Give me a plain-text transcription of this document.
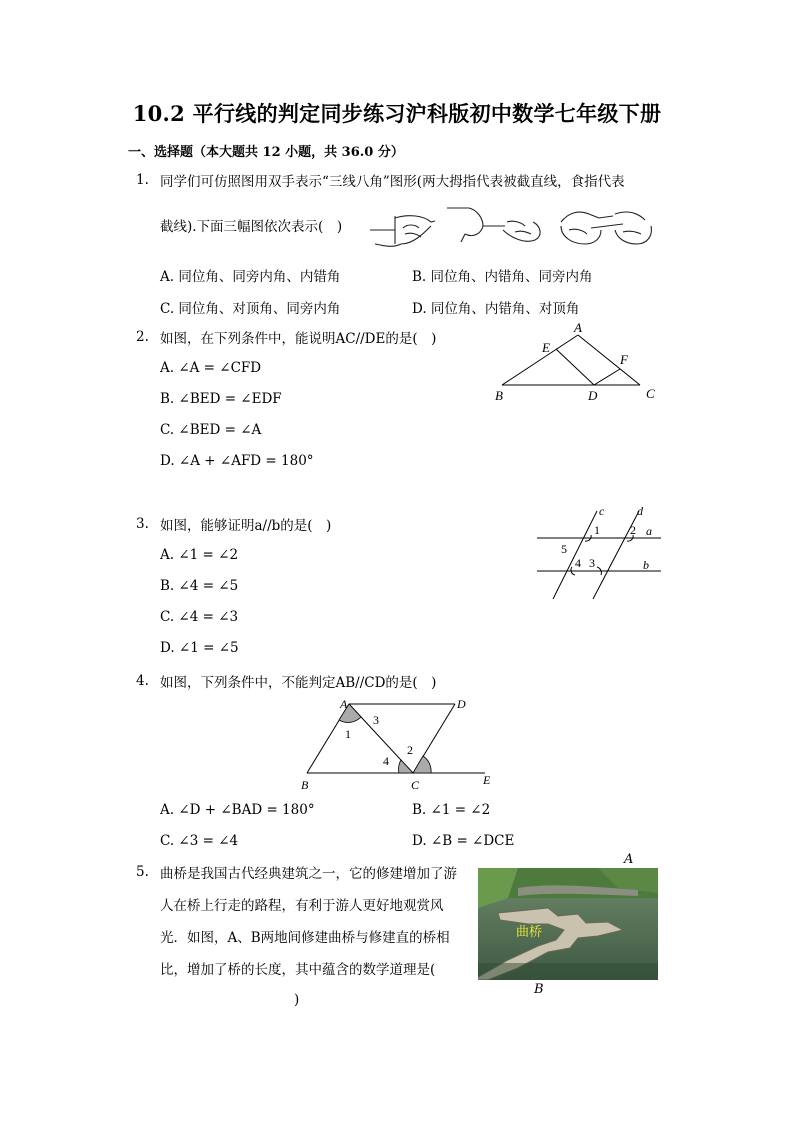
10.2 平行线的判定同步练习沪科版初中数学七年级下册
一、选择题（本大题共 12 小题，共 36.0 分）
1. 同学们可仿照图用双手表示“三线八角”图形(两大拇指代表被截直线，食指代表
截线).下面三幅图依次表示(　)
A. 同位角、同旁内角、内错角	B. 同位角、内错角、同旁内角
C. 同位角、对顶角、同旁内角	D. 同位角、内错角、对顶角
2. 如图，在下列条件中，能说明AC//DE的是(　)
A. ∠A = ∠CFD
B. ∠BED = ∠EDF
C. ∠BED = ∠A
D. ∠A + ∠AFD = 180°
A
E
F
B	D	C
3. 如图，能够证明a//b的是(　)
A. ∠1 = ∠2
B. ∠4 = ∠5
C. ∠4 = ∠3
D. ∠1 = ∠5
c	d
a
b
1	2
3
4
5
4. 如图，下列条件中，不能判定AB//CD的是(　)
A	D
B	C	E
1
2
3
4
A. ∠D + ∠BAD = 180°	B. ∠1 = ∠2
C. ∠3 = ∠4	D. ∠B = ∠DCE
5. 曲桥是我国古代经典建筑之一，它的修建增加了游
人在桥上行走的路程，有利于游人更好地观赏风
光．如图，A、B两地间修建曲桥与修建直的桥相
比，增加了桥的长度，其中蕴含的数学道理是(
)
A
曲桥
B
